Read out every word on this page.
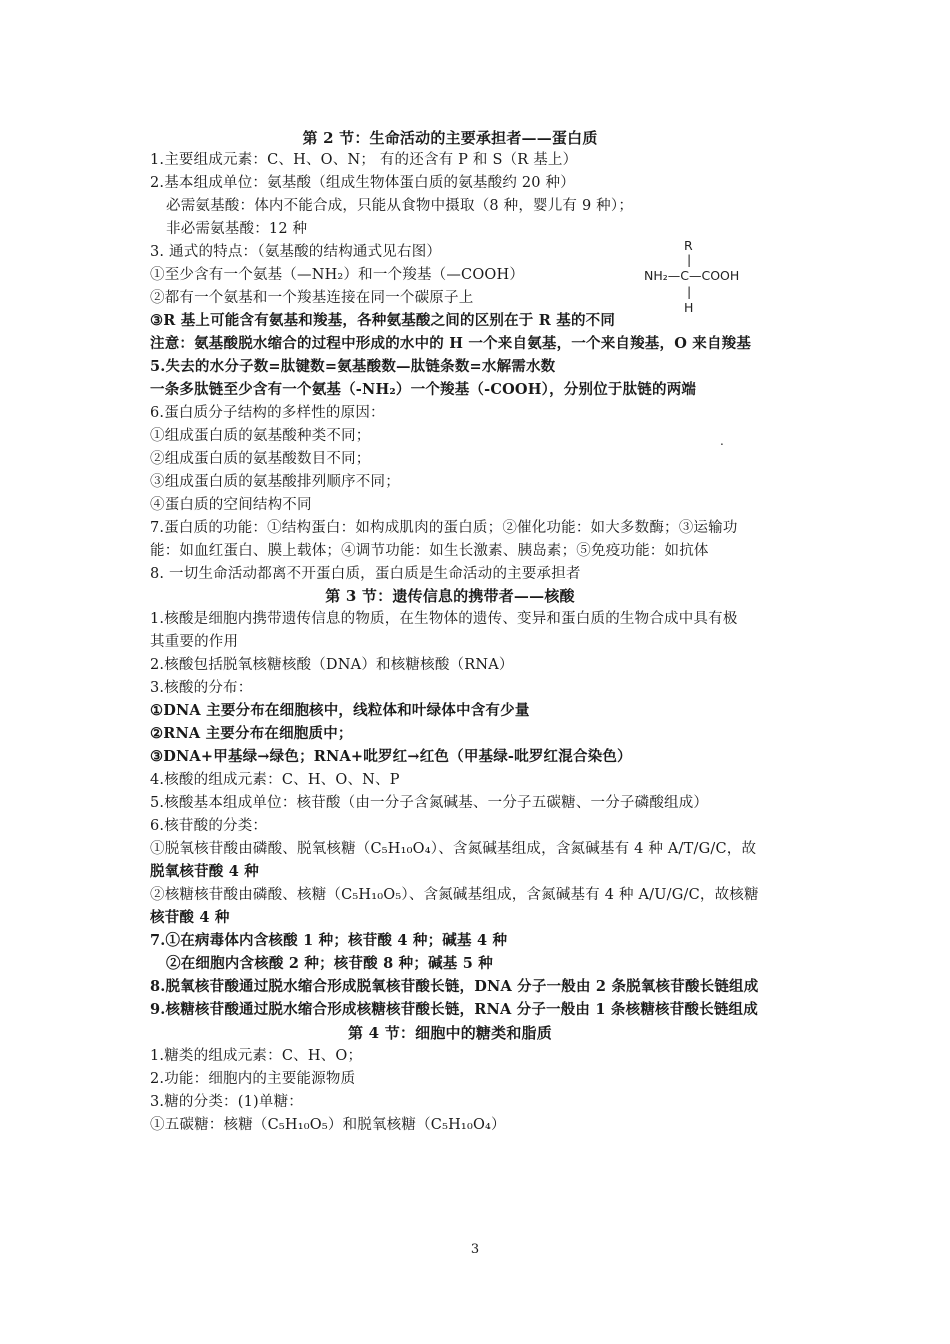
第 2 节：生命活动的主要承担者——蛋白质
1.主要组成元素：C、H、O、N； 有的还含有 P 和 S（R 基上）
2.基本组成单位：氨基酸（组成生物体蛋白质的氨基酸约 20 种）
必需氨基酸：体内不能合成，只能从食物中摄取（8 种，婴儿有 9 种）；
非必需氨基酸：12 种
3. 通式的特点：（氨基酸的结构通式见右图）
①至少含有一个氨基（—NH₂）和一个羧基（—COOH）
②都有一个氨基和一个羧基连接在同一个碳原子上
③R 基上可能含有氨基和羧基，各种氨基酸之间的区别在于 R 基的不同
注意：氨基酸脱水缩合的过程中形成的水中的 H 一个来自氨基，一个来自羧基，O 来自羧基
5.失去的水分子数=肽键数=氨基酸数—肽链条数=水解需水数
一条多肽链至少含有一个氨基（-NH₂）一个羧基（-COOH），分别位于肽链的两端
6.蛋白质分子结构的多样性的原因：
①组成蛋白质的氨基酸种类不同；
②组成蛋白质的氨基酸数目不同；
③组成蛋白质的氨基酸排列顺序不同；
④蛋白质的空间结构不同
7.蛋白质的功能：①结构蛋白：如构成肌肉的蛋白质；②催化功能：如大多数酶；③运输功
能：如血红蛋白、膜上载体；④调节功能：如生长激素、胰岛素；⑤免疫功能：如抗体
8. 一切生命活动都离不开蛋白质，蛋白质是生命活动的主要承担者
R
|
NH₂—C—COOH
|
H
.
第 3 节：遗传信息的携带者——核酸
1.核酸是细胞内携带遗传信息的物质，在生物体的遗传、变异和蛋白质的生物合成中具有极
其重要的作用
2.核酸包括脱氧核糖核酸（DNA）和核糖核酸（RNA）
3.核酸的分布：
①DNA 主要分布在细胞核中，线粒体和叶绿体中含有少量
②RNA 主要分布在细胞质中；
③DNA+甲基绿→绿色；RNA+吡罗红→红色（甲基绿-吡罗红混合染色）
4.核酸的组成元素：C、H、O、N、P
5.核酸基本组成单位：核苷酸（由一分子含氮碱基、一分子五碳糖、一分子磷酸组成）
6.核苷酸的分类：
①脱氧核苷酸由磷酸、脱氧核糖（C₅H₁₀O₄）、含氮碱基组成，含氮碱基有 4 种 A/T/G/C，故
脱氧核苷酸 4 种
②核糖核苷酸由磷酸、核糖（C₅H₁₀O₅）、含氮碱基组成，含氮碱基有 4 种 A/U/G/C，故核糖
核苷酸 4 种
7.①在病毒体内含核酸 1 种；核苷酸 4 种；碱基 4 种
②在细胞内含核酸 2 种；核苷酸 8 种；碱基 5 种
8.脱氧核苷酸通过脱水缩合形成脱氧核苷酸长链，DNA 分子一般由 2 条脱氧核苷酸长链组成
9.核糖核苷酸通过脱水缩合形成核糖核苷酸长链，RNA 分子一般由 1 条核糖核苷酸长链组成
第 4 节：细胞中的糖类和脂质
1.糖类的组成元素：C、H、O；
2.功能：细胞内的主要能源物质
3.糖的分类：(1)单糖：
①五碳糖：核糖（C₅H₁₀O₅）和脱氧核糖（C₅H₁₀O₄）
3
